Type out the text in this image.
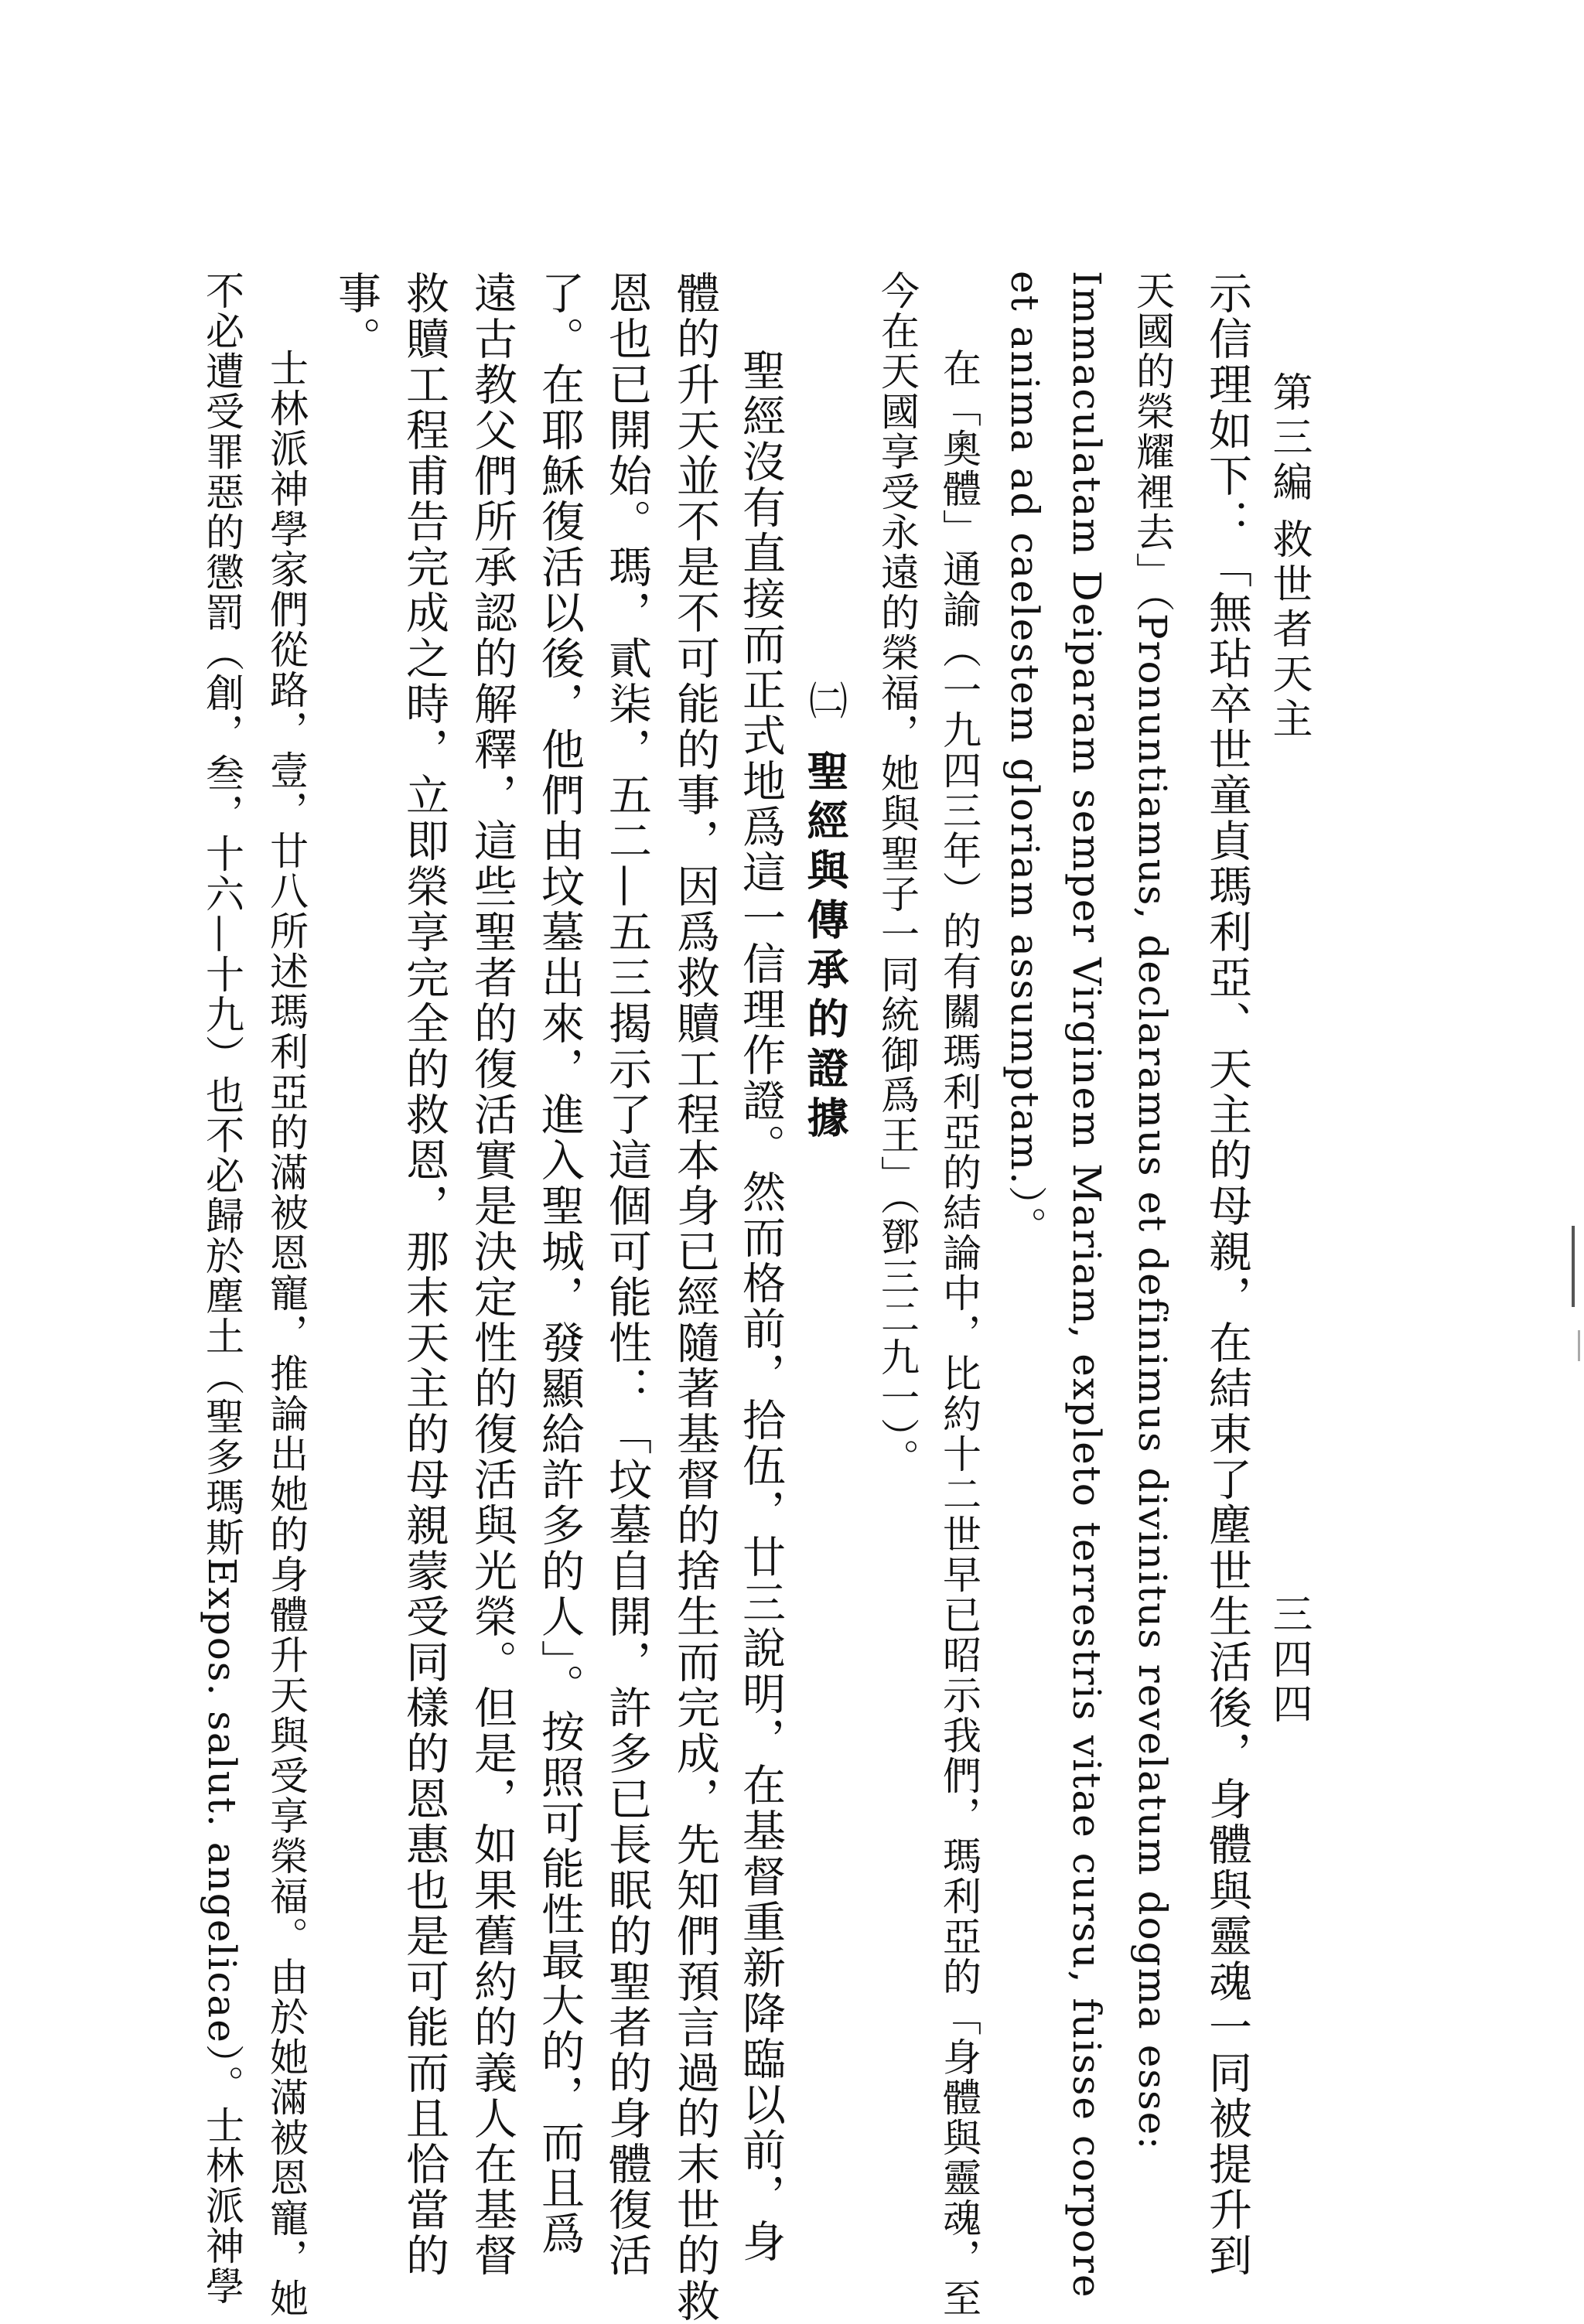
第三編
救世者天主
三四四
示信理如下：「無玷卒世童貞瑪利亞、天主的母親，在結束了塵世生活後，身體與靈魂一同被提升到
天國的榮耀裡去」（Pronuntiamus, declaramus et definimus divinitus revelatum dogma esse:
Immaculatam Deiparam semper Virginem Mariam, expleto terrestris vitae cursu, fuisse corpore
et anima ad caelestem gloriam assumptam.）。
在「奧體」通諭（一九四三年）的有關瑪利亞的結論中，比約十二世早已昭示我們，瑪利亞的「身體與靈魂，至
今在天國享受永遠的榮福，她與聖子一同統御爲王」（鄧三二九一）。
㈡ 聖經與傳承的證據
聖經沒有直接而正式地爲這一信理作證。然而格前，拾伍，廿三說明，在基督重新降臨以前，身
體的升天並不是不可能的事，因爲救贖工程本身已經隨著基督的捨生而完成，先知們預言過的末世的救
恩也已開始。瑪，貳柒，五二—五三揭示了這個可能性：「坟墓自開，許多已長眠的聖者的身體復活
了。在耶穌復活以後，他們由坟墓出來，進入聖城，發顯給許多的人」。按照可能性最大的，而且爲
遠古教父們所承認的解釋，這些聖者的復活實是決定性的復活與光榮。但是，如果舊約的義人在基督
救贖工程甫告完成之時，立即榮享完全的救恩，那末天主的母親蒙受同樣的恩惠也是可能而且恰當的
事。
士林派神學家們從路，壹，廿八所述瑪利亞的滿被恩寵，推論出她的身體升天與受享榮福。由於她滿被恩寵，她
不必遭受罪惡的懲罰（創，叁，十六—十九）也不必歸於塵土（聖多瑪斯Expos. salut. angelicae）。士林派神學
